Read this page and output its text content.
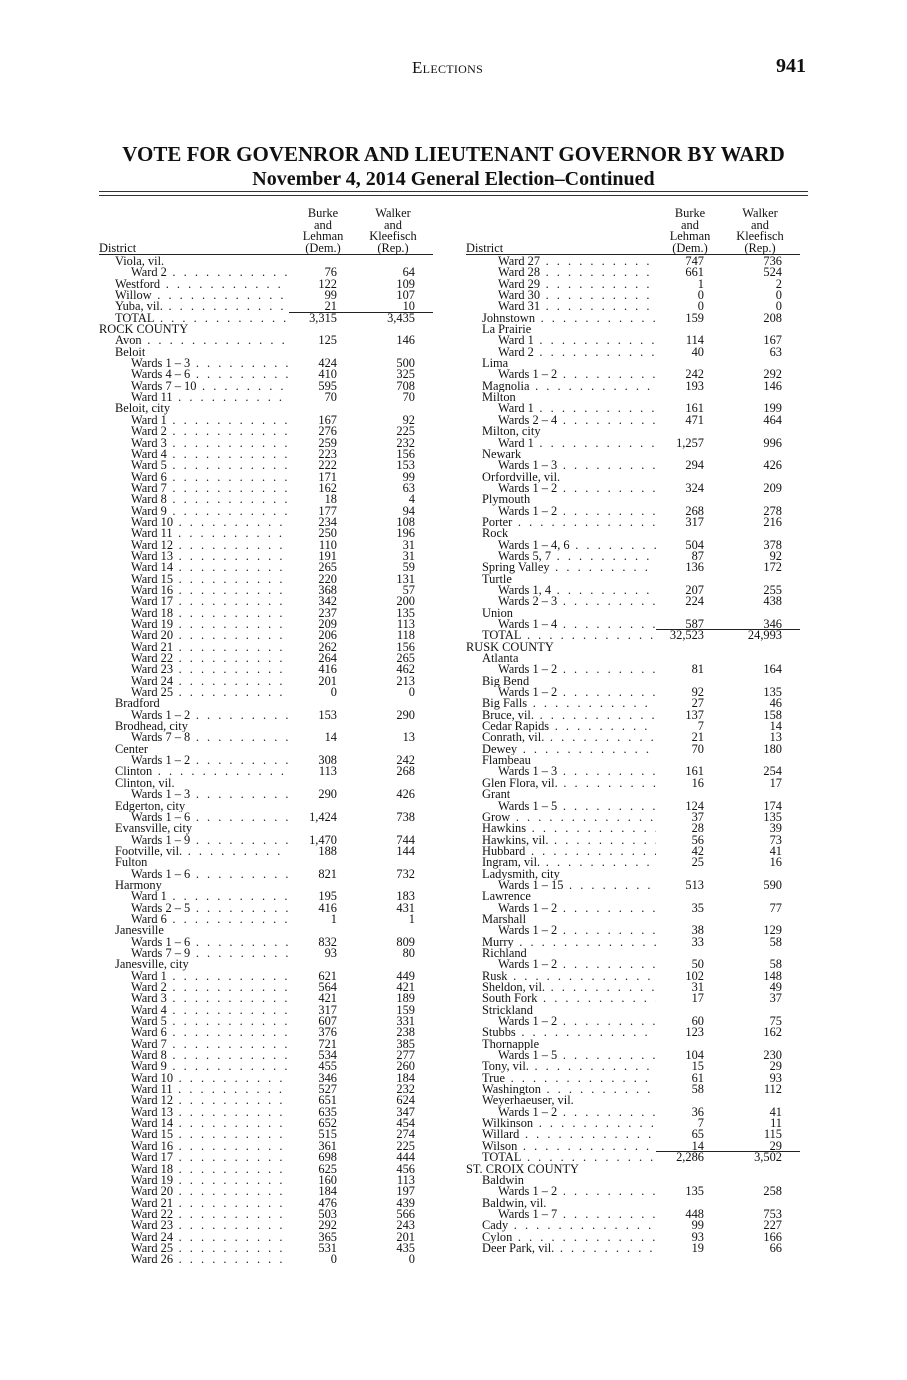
Elections	941
VOTE FOR GOVENROR AND LIEUTENANT GOVERNOR BY WARD
November 4, 2014 General Election–Continued
District
Burke
and
Lehman
(Dem.)
Walker
and
Kleefisch
(Rep.)
Viola, vil.
Ward 2 . . .	76	64
Westford . . .	122	109
Willow . . .	99	107
Yuba, vil. . . .	21	10
TOTAL . . .	3,315	3,435
ROCK COUNTY
Avon . . .	125	146
Beloit
Wards 1 – 3 . . .	424	500
Wards 4 – 6 . . .	410	325
Wards 7 – 10 . . .	595	708
Ward 11 . . .	70	70
Beloit, city
Ward 1 . . .	167	92
Ward 2 . . .	276	225
Ward 3 . . .	259	232
Ward 4 . . .	223	156
Ward 5 . . .	222	153
Ward 6 . . .	171	99
Ward 7 . . .	162	63
Ward 8 . . .	18	4
Ward 9 . . .	177	94
Ward 10 . . .	234	108
Ward 11 . . .	250	196
Ward 12 . . .	110	31
Ward 13 . . .	191	31
Ward 14 . . .	265	59
Ward 15 . . .	220	131
Ward 16 . . .	368	57
Ward 17 . . .	342	200
Ward 18 . . .	237	135
Ward 19 . . .	209	113
Ward 20 . . .	206	118
Ward 21 . . .	262	156
Ward 22 . . .	264	265
Ward 23 . . .	416	462
Ward 24 . . .	201	213
Ward 25 . . .	0	0
Bradford
Wards 1 – 2 . . .	153	290
Brodhead, city
Wards 7 – 8 . . .	14	13
Center
Wards 1 – 2 . . .	308	242
Clinton . . .	113	268
Clinton, vil.
Wards 1 – 3 . . .	290	426
Edgerton, city
Wards 1 – 6 . . .	1,424	738
Evansville, city
Wards 1 – 9 . . .	1,470	744
Footville, vil. . . .	188	144
Fulton
Wards 1 – 6 . . .	821	732
Harmony
Ward 1 . . .	195	183
Wards 2 – 5 . . .	416	431
Ward 6 . . .	1	1
Janesville
Wards 1 – 6 . . .	832	809
Wards 7 – 9 . . .	93	80
Janesville, city
Ward 1 . . .	621	449
Ward 2 . . .	564	421
Ward 3 . . .	421	189
Ward 4 . . .	317	159
Ward 5 . . .	607	331
Ward 6 . . .	376	238
Ward 7 . . .	721	385
Ward 8 . . .	534	277
Ward 9 . . .	455	260
Ward 10 . . .	346	184
Ward 11 . . .	527	232
Ward 12 . . .	651	624
Ward 13 . . .	635	347
Ward 14 . . .	652	454
Ward 15 . . .	515	274
Ward 16 . . .	361	225
Ward 17 . . .	698	444
Ward 18 . . .	625	456
Ward 19 . . .	160	113
Ward 20 . . .	184	197
Ward 21 . . .	476	439
Ward 22 . . .	503	566
Ward 23 . . .	292	243
Ward 24 . . .	365	201
Ward 25 . . .	531	435
Ward 26 . . .	0	0
District
Burke
and
Lehman
(Dem.)
Walker
and
Kleefisch
(Rep.)
Ward 27 . . .	747	736
Ward 28 . . .	661	524
Ward 29 . . .	1	2
Ward 30 . . .	0	0
Ward 31 . . .	0	0
Johnstown . . .	159	208
La Prairie
Ward 1 . . .	114	167
Ward 2 . . .	40	63
Lima
Wards 1 – 2 . . .	242	292
Magnolia . . .	193	146
Milton
Ward 1 . . .	161	199
Wards 2 – 4 . . .	471	464
Milton, city
Ward 1 . . .	1,257	996
Newark
Wards 1 – 3 . . .	294	426
Orfordville, vil.
Wards 1 – 2 . . .	324	209
Plymouth
Wards 1 – 2 . . .	268	278
Porter . . .	317	216
Rock
Wards 1 – 4, 6 . . .	504	378
Wards 5, 7 . . .	87	92
Spring Valley . . .	136	172
Turtle
Wards 1, 4 . . .	207	255
Wards 2 – 3 . . .	224	438
Union
Wards 1 – 4 . . .	587	346
TOTAL . . .	32,523	24,993
RUSK COUNTY
Atlanta
Wards 1 – 2 . . .	81	164
Big Bend
Wards 1 – 2 . . .	92	135
Big Falls . . .	27	46
Bruce, vil. . . .	137	158
Cedar Rapids . . .	7	14
Conrath, vil. . . .	21	13
Dewey . . .	70	180
Flambeau
Wards 1 – 3 . . .	161	254
Glen Flora, vil. . . .	16	17
Grant
Wards 1 – 5 . . .	124	174
Grow . . .	37	135
Hawkins . . .	28	39
Hawkins, vil. . . .	56	73
Hubbard . . .	42	41
Ingram, vil. . . .	25	16
Ladysmith, city
Wards 1 – 15 . . .	513	590
Lawrence
Wards 1 – 2 . . .	35	77
Marshall
Wards 1 – 2 . . .	38	129
Murry . . .	33	58
Richland
Wards 1 – 2 . . .	50	58
Rusk . . .	102	148
Sheldon, vil. . . .	31	49
South Fork . . .	17	37
Strickland
Wards 1 – 2 . . .	60	75
Stubbs . . .	123	162
Thornapple
Wards 1 – 5 . . .	104	230
Tony, vil. . . .	15	29
True . . .	61	93
Washington . . .	58	112
Weyerhaeuser, vil.
Wards 1 – 2 . . .	36	41
Wilkinson . . .	7	11
Willard . . .	65	115
Wilson . . .	14	29
TOTAL . . .	2,286	3,502
ST. CROIX COUNTY
Baldwin
Wards 1 – 2 . . .	135	258
Baldwin, vil.
Wards 1 – 7 . . .	448	753
Cady . . .	99	227
Cylon . . .	93	166
Deer Park, vil. . . .	19	66
